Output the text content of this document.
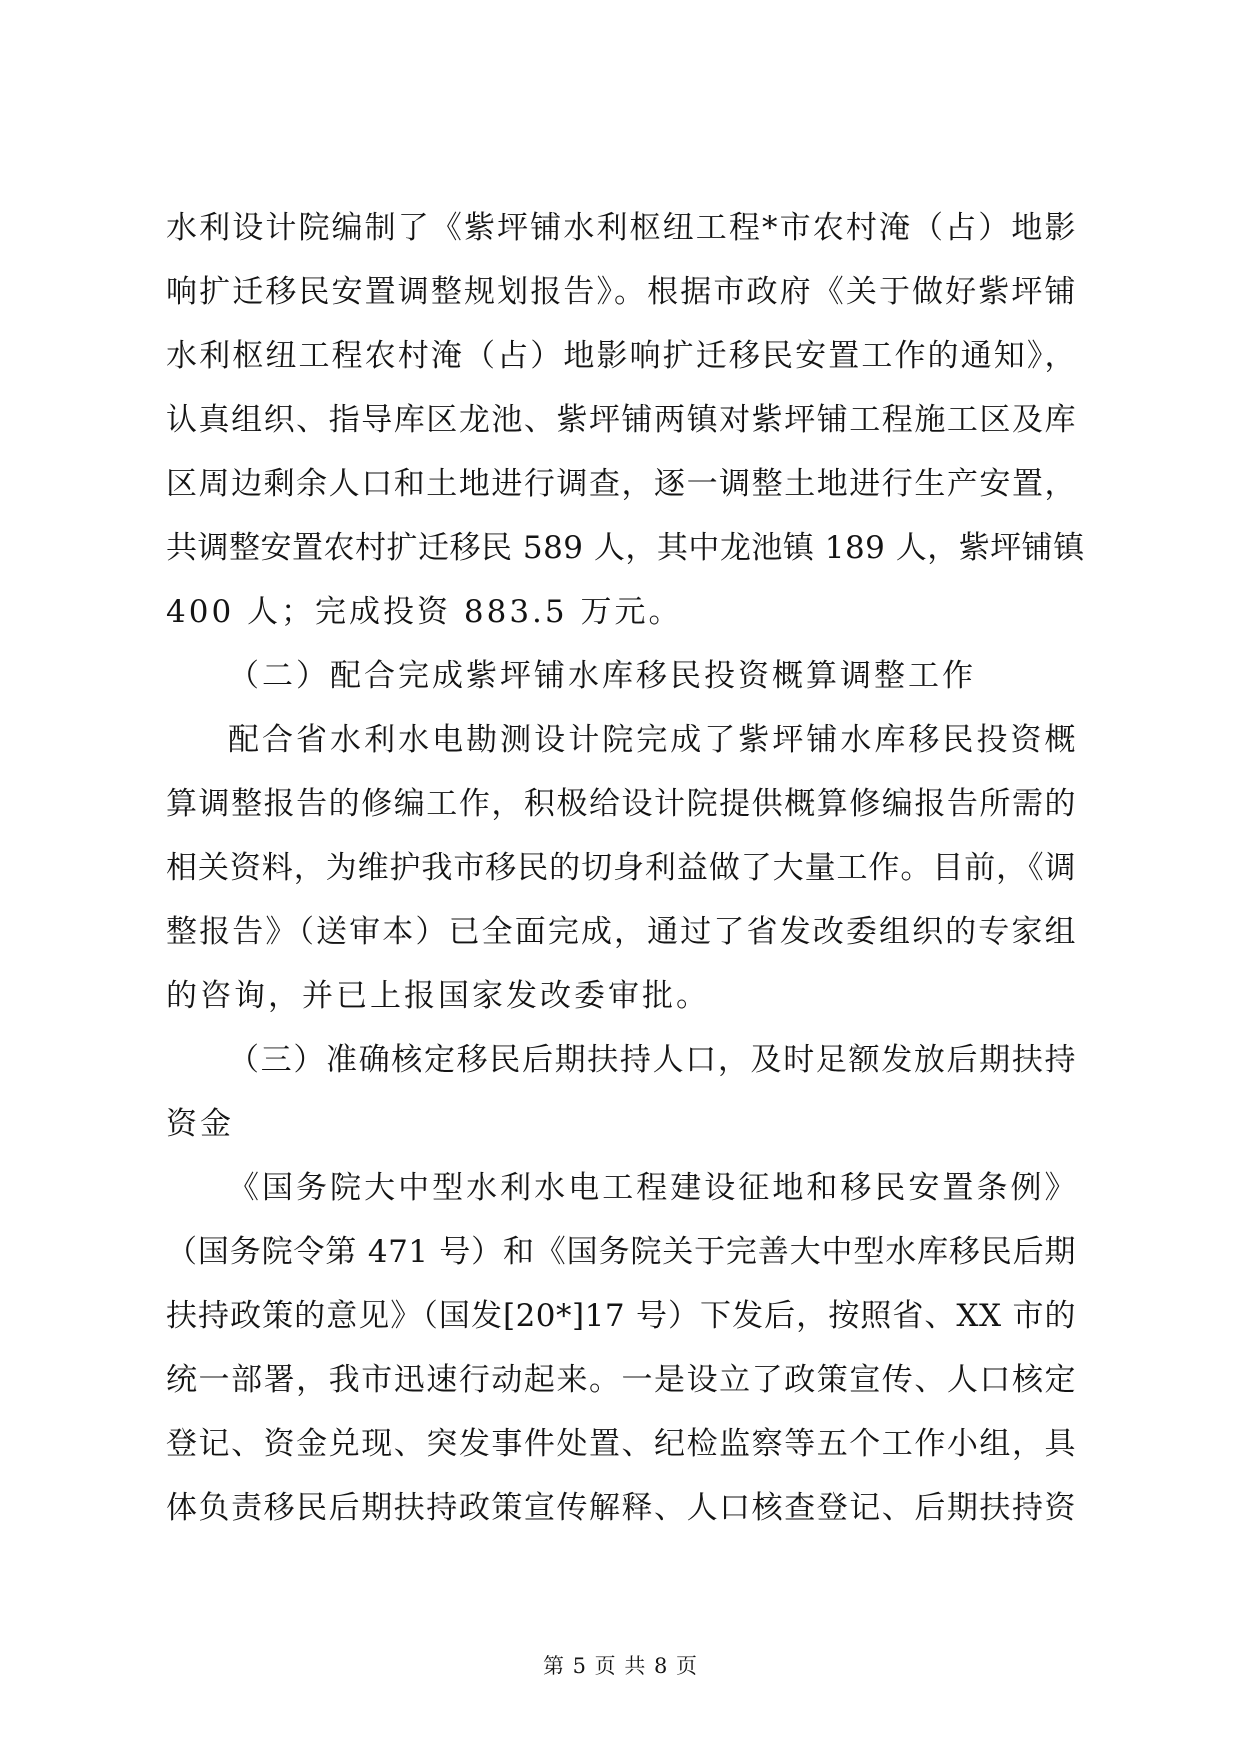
水利设计院编制了《紫坪铺水利枢纽工程*市农村淹（占）地影
响扩迁移民安置调整规划报告》。根据市政府《关于做好紫坪铺
水利枢纽工程农村淹（占）地影响扩迁移民安置工作的通知》，
认真组织、指导库区龙池、紫坪铺两镇对紫坪铺工程施工区及库
区周边剩余人口和土地进行调查，逐一调整土地进行生产安置，
共调整安置农村扩迁移民 589 人，其中龙池镇 189 人，紫坪铺镇
400 人；完成投资 883.5 万元。
（二）配合完成紫坪铺水库移民投资概算调整工作
配合省水利水电勘测设计院完成了紫坪铺水库移民投资概
算调整报告的修编工作，积极给设计院提供概算修编报告所需的
相关资料，为维护我市移民的切身利益做了大量工作。目前，《调
整报告》（送审本）已全面完成，通过了省发改委组织的专家组
的咨询，并已上报国家发改委审批。
（三）准确核定移民后期扶持人口，及时足额发放后期扶持
资金
《国务院大中型水利水电工程建设征地和移民安置条例》
（国务院令第 471 号）和《国务院关于完善大中型水库移民后期
扶持政策的意见》（国发[20*]17 号）下发后，按照省、XX 市的
统一部署，我市迅速行动起来。一是设立了政策宣传、人口核定
登记、资金兑现、突发事件处置、纪检监察等五个工作小组，具
体负责移民后期扶持政策宣传解释、人口核查登记、后期扶持资
第 5 页 共 8 页
